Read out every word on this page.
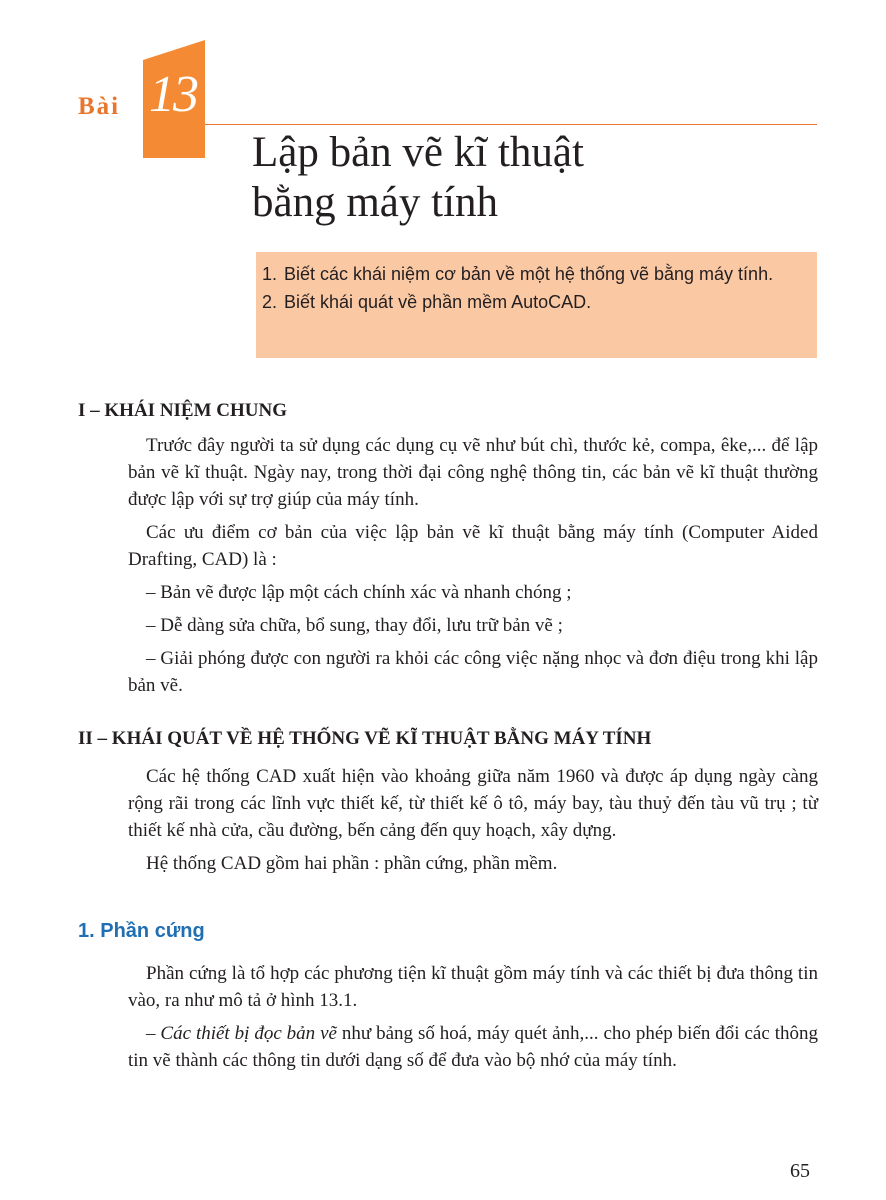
Bài 13
Lập bản vẽ kĩ thuật
bằng máy tính
1. Biết các khái niệm cơ bản về một hệ thống vẽ bằng máy tính.
2. Biết khái quát về phần mềm AutoCAD.
I – KHÁI NIỆM CHUNG

Trước đây người ta sử dụng các dụng cụ vẽ như bút chì, thước kẻ, compa, êke,... để lập bản vẽ kĩ thuật. Ngày nay, trong thời đại công nghệ thông tin, các bản vẽ kĩ thuật thường được lập với sự trợ giúp của máy tính.

Các ưu điểm cơ bản của việc lập bản vẽ kĩ thuật bằng máy tính (Computer Aided Drafting, CAD) là :

– Bản vẽ được lập một cách chính xác và nhanh chóng ;

– Dễ dàng sửa chữa, bổ sung, thay đổi, lưu trữ bản vẽ ;

– Giải phóng được con người ra khỏi các công việc nặng nhọc và đơn điệu trong khi lập bản vẽ.

II – KHÁI QUÁT VỀ HỆ THỐNG VẼ KĨ THUẬT BẰNG MÁY TÍNH

Các hệ thống CAD xuất hiện vào khoảng giữa năm 1960 và được áp dụng ngày càng rộng rãi trong các lĩnh vực thiết kế, từ thiết kế ô tô, máy bay, tàu thuỷ đến tàu vũ trụ ; từ thiết kế nhà cửa, cầu đường, bến cảng đến quy hoạch, xây dựng.

Hệ thống CAD gồm hai phần : phần cứng, phần mềm.

1. Phần cứng

Phần cứng là tổ hợp các phương tiện kĩ thuật gồm máy tính và các thiết bị đưa thông tin vào, ra như mô tả ở hình 13.1.

– Các thiết bị đọc bản vẽ như bảng số hoá, máy quét ảnh,... cho phép biến đổi các thông tin vẽ thành các thông tin dưới dạng số để đưa vào bộ nhớ của máy tính.

65
